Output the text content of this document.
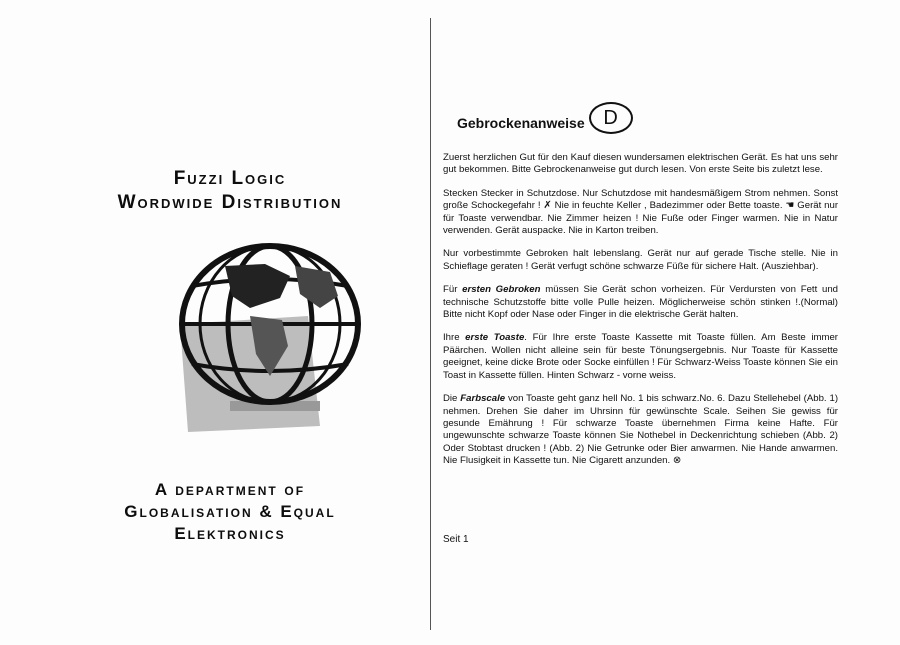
Fuzzi Logic
Wordwide Distribution
A department of
Globalisation & Equal
Elektronics
Gebrockenanweise D

Zuerst herzlichen Gut für den Kauf diesen wundersamen elektrischen Gerät. Es hat uns sehr gut bekommen. Bitte Gebrockenanweise gut durch lesen. Von erste Seite bis zuletzt lese.

Stecken Stecker in Schutzdose. Nur Schutzdose mit handesmäßigem Strom nehmen. Sonst große Schockegefahr ! ✗ Nie in feuchte Keller , Badezimmer oder Bette toaste. ☚ Gerät nur für Toaste verwendbar. Nie Zimmer heizen ! Nie Fuße oder Finger warmen. Nie in Natur verwenden. Gerät auspacke. Nie in Karton treiben.

Nur vorbestimmte Gebroken halt lebenslang. Gerät nur auf gerade Tische stelle. Nie in Schieflage geraten ! Gerät verfugt schöne schwarze Füße für sichere Halt. (Ausziehbar).

Für ersten Gebroken müssen Sie Gerät schon vorheizen. Für Verdursten von Fett und technische Schutzstoffe bitte volle Pulle heizen. Möglicherweise schön stinken !.(Normal) Bitte nicht Kopf oder Nase oder Finger in die elektrische Gerät halten.

Ihre erste Toaste. Für Ihre erste Toaste Kassette mit Toaste füllen. Am Beste immer Päärchen. Wollen nicht alleine sein für beste Tönungsergebnis. Nur Toaste für Kassette geeignet, keine dicke Brote oder Socke einfüllen ! Für Schwarz-Weiss Toaste können Sie ein Toast in Kassette füllen. Hinten Schwarz - vorne weiss.

Die Farbscale von Toaste geht ganz hell No. 1 bis schwarz.No. 6. Dazu Stellehebel (Abb. 1) nehmen. Drehen Sie daher im Uhrsinn für gewünschte Scale. Seihen Sie gewiss für gesunde Emährung ! Für schwarze Toaste übernehmen Firma keine Hafte. Für ungewunschte schwarze Toaste können Sie Nothebel in Deckenrichtung schieben (Abb. 2) Oder Stobtast drucken ! (Abb. 2) Nie Getrunke oder Bier anwarmen. Nie Hande anwarmen. Nie Flusigkeit in Kassette tun. Nie Cigarett anzunden. ⊗

Seit 1
